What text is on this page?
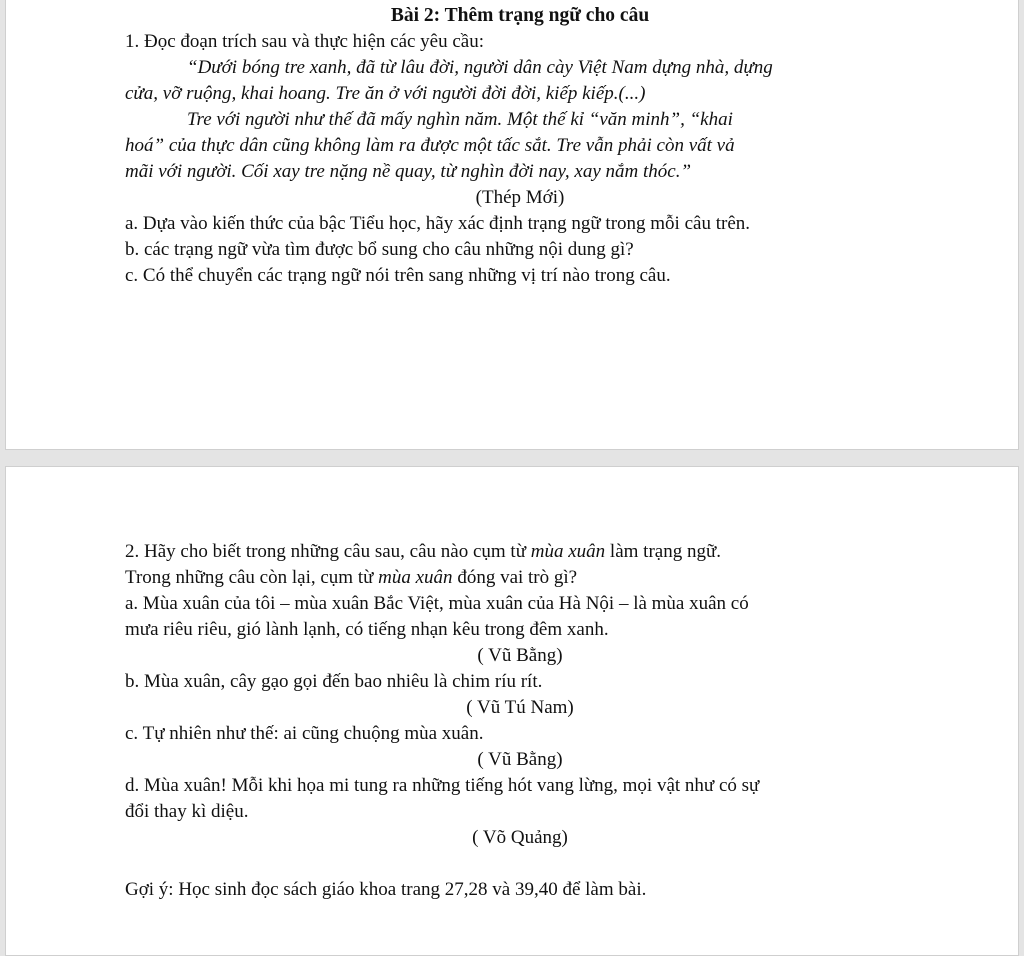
Bài 2: Thêm trạng ngữ cho câu
1. Đọc đoạn trích sau và thực hiện các yêu cầu:
“Dưới bóng tre xanh, đã từ lâu đời, người dân cày Việt Nam dựng nhà, dựng
cửa, vỡ ruộng, khai hoang. Tre ăn ở với người đời đời, kiếp kiếp.(...)
Tre với người như thế đã mấy nghìn năm. Một thế kỉ “văn minh”, “khai
hoá” của thực dân cũng không làm ra được một tấc sắt. Tre vẫn phải còn vất vả
mãi với người. Cối xay tre nặng nề quay, từ nghìn đời nay, xay nắm thóc.”
(Thép Mới)
a. Dựa vào kiến thức của bậc Tiểu học, hãy xác định trạng ngữ trong mỗi câu trên.
b. các trạng ngữ vừa tìm được bổ sung cho câu những nội dung gì?
c. Có thể chuyển các trạng ngữ nói trên sang những vị trí nào trong câu.
2. Hãy cho biết trong những câu sau, câu nào cụm từ mùa xuân làm trạng ngữ.
Trong những câu còn lại, cụm từ mùa xuân đóng vai trò gì?
a. Mùa xuân của tôi – mùa xuân Bắc Việt, mùa xuân của Hà Nội – là mùa xuân có
mưa riêu riêu, gió lành lạnh, có tiếng nhạn kêu trong đêm xanh.
( Vũ Bằng)
b. Mùa xuân, cây gạo gọi đến bao nhiêu là chim ríu rít.
( Vũ Tú Nam)
c. Tự nhiên như thế: ai cũng chuộng mùa xuân.
( Vũ Bằng)
d. Mùa xuân! Mỗi khi họa mi tung ra những tiếng hót vang lừng, mọi vật như có sự
đổi thay kì diệu.
( Võ Quảng)
Gợi ý: Học sinh đọc sách giáo khoa trang 27,28 và 39,40 để làm bài.
